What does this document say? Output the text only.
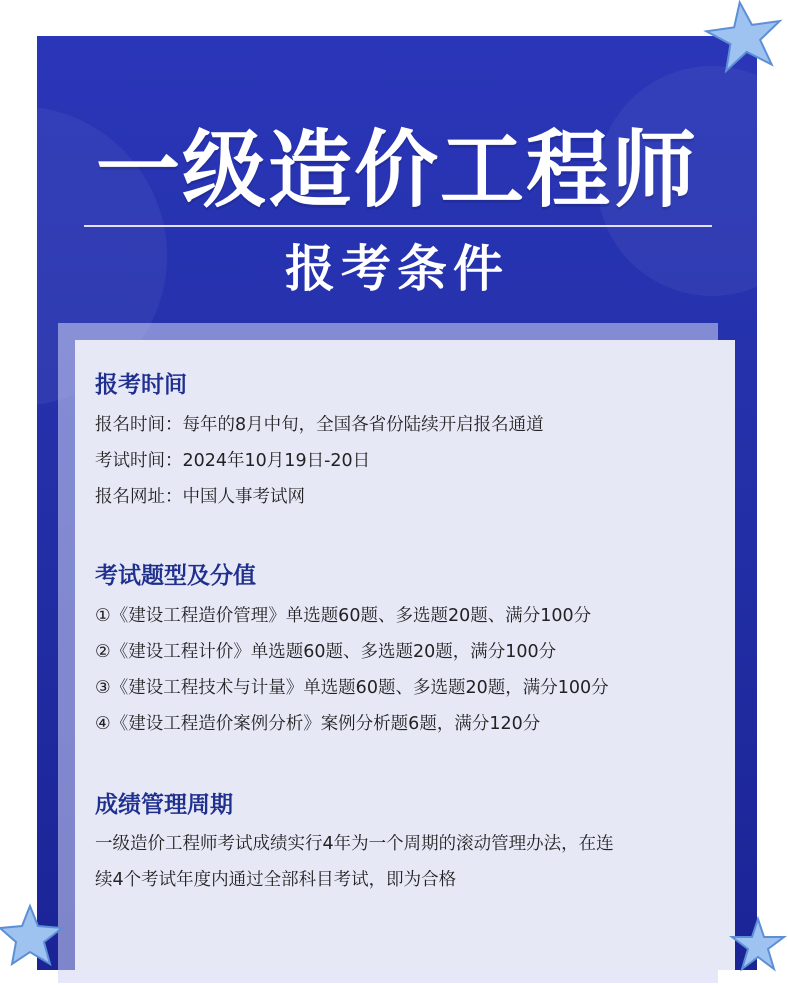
一级造价工程师
报考条件
报考时间
报名时间：每年的8月中旬，全国各省份陆续开启报名通道
考试时间：2024年10月19日-20日
报名网址：中国人事考试网
考试题型及分值
①《建设工程造价管理》单选题60题、多选题20题、满分100分
②《建设工程计价》单选题60题、多选题20题，满分100分
③《建设工程技术与计量》单选题60题、多选题20题，满分100分
④《建设工程造价案例分析》案例分析题6题，满分120分
成绩管理周期
一级造价工程师考试成绩实行4年为一个周期的滚动管理办法，在连
续4个考试年度内通过全部科目考试，即为合格
